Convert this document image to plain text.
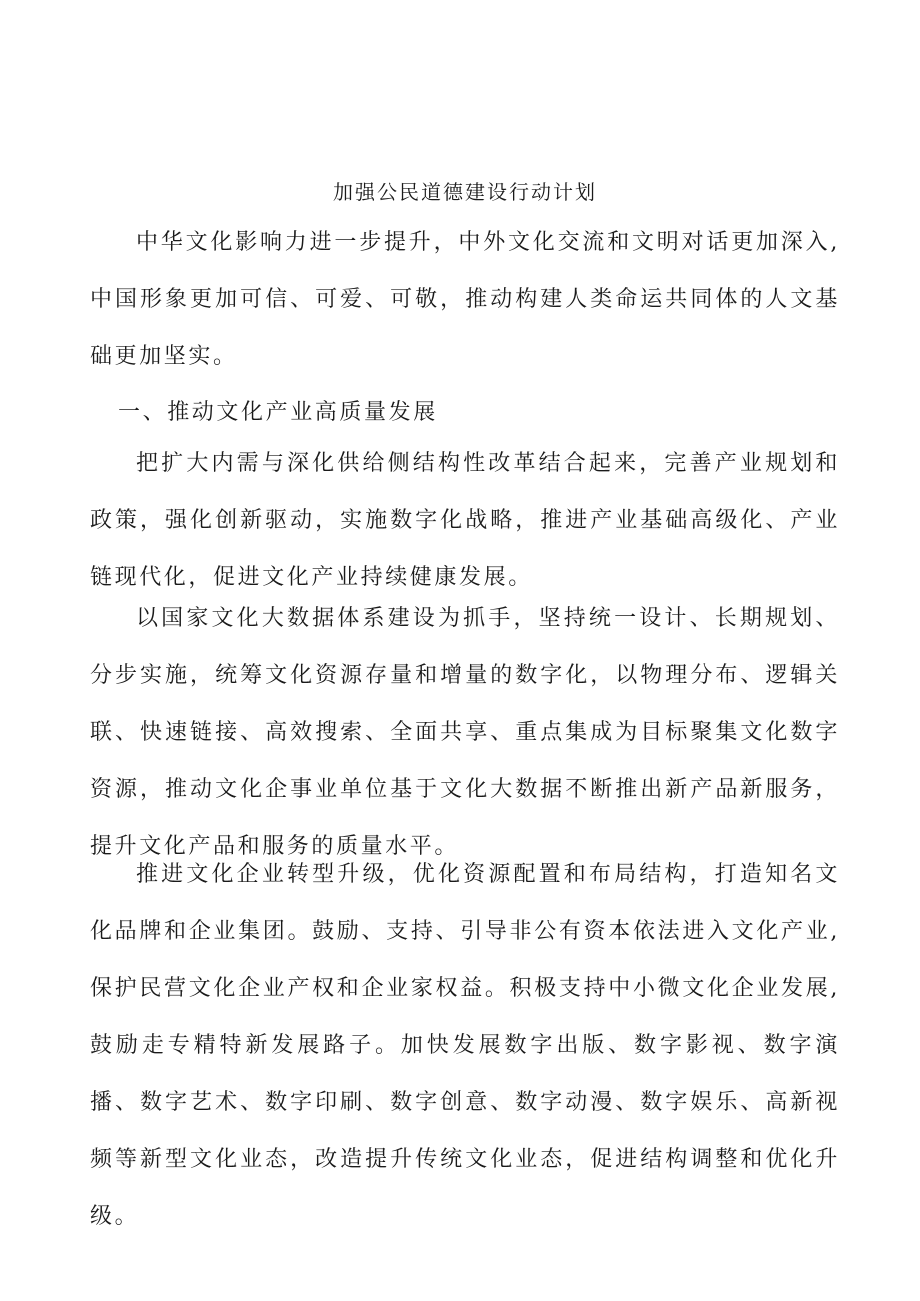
加强公民道德建设行动计划

中华文化影响力进一步提升，中外文化交流和文明对话更加深入,中国形象更加可信、可爱、可敬，推动构建人类命运共同体的人文基础更加坚实。

一、推动文化产业高质量发展

把扩大内需与深化供给侧结构性改革结合起来，完善产业规划和政策，强化创新驱动，实施数字化战略，推进产业基础高级化、产业链现代化，促进文化产业持续健康发展。

以国家文化大数据体系建设为抓手，坚持统一设计、长期规划、分步实施，统筹文化资源存量和增量的数字化，以物理分布、逻辑关联、快速链接、高效搜索、全面共享、重点集成为目标聚集文化数字资源，推动文化企事业单位基于文化大数据不断推出新产品新服务，提升文化产品和服务的质量水平。

推进文化企业转型升级，优化资源配置和布局结构，打造知名文化品牌和企业集团。鼓励、支持、引导非公有资本依法进入文化产业,保护民营文化企业产权和企业家权益。积极支持中小微文化企业发展,鼓励走专精特新发展路子。加快发展数字出版、数字影视、数字演播、数字艺术、数字印刷、数字创意、数字动漫、数字娱乐、高新视频等新型文化业态，改造提升传统文化业态，促进结构调整和优化升级。
